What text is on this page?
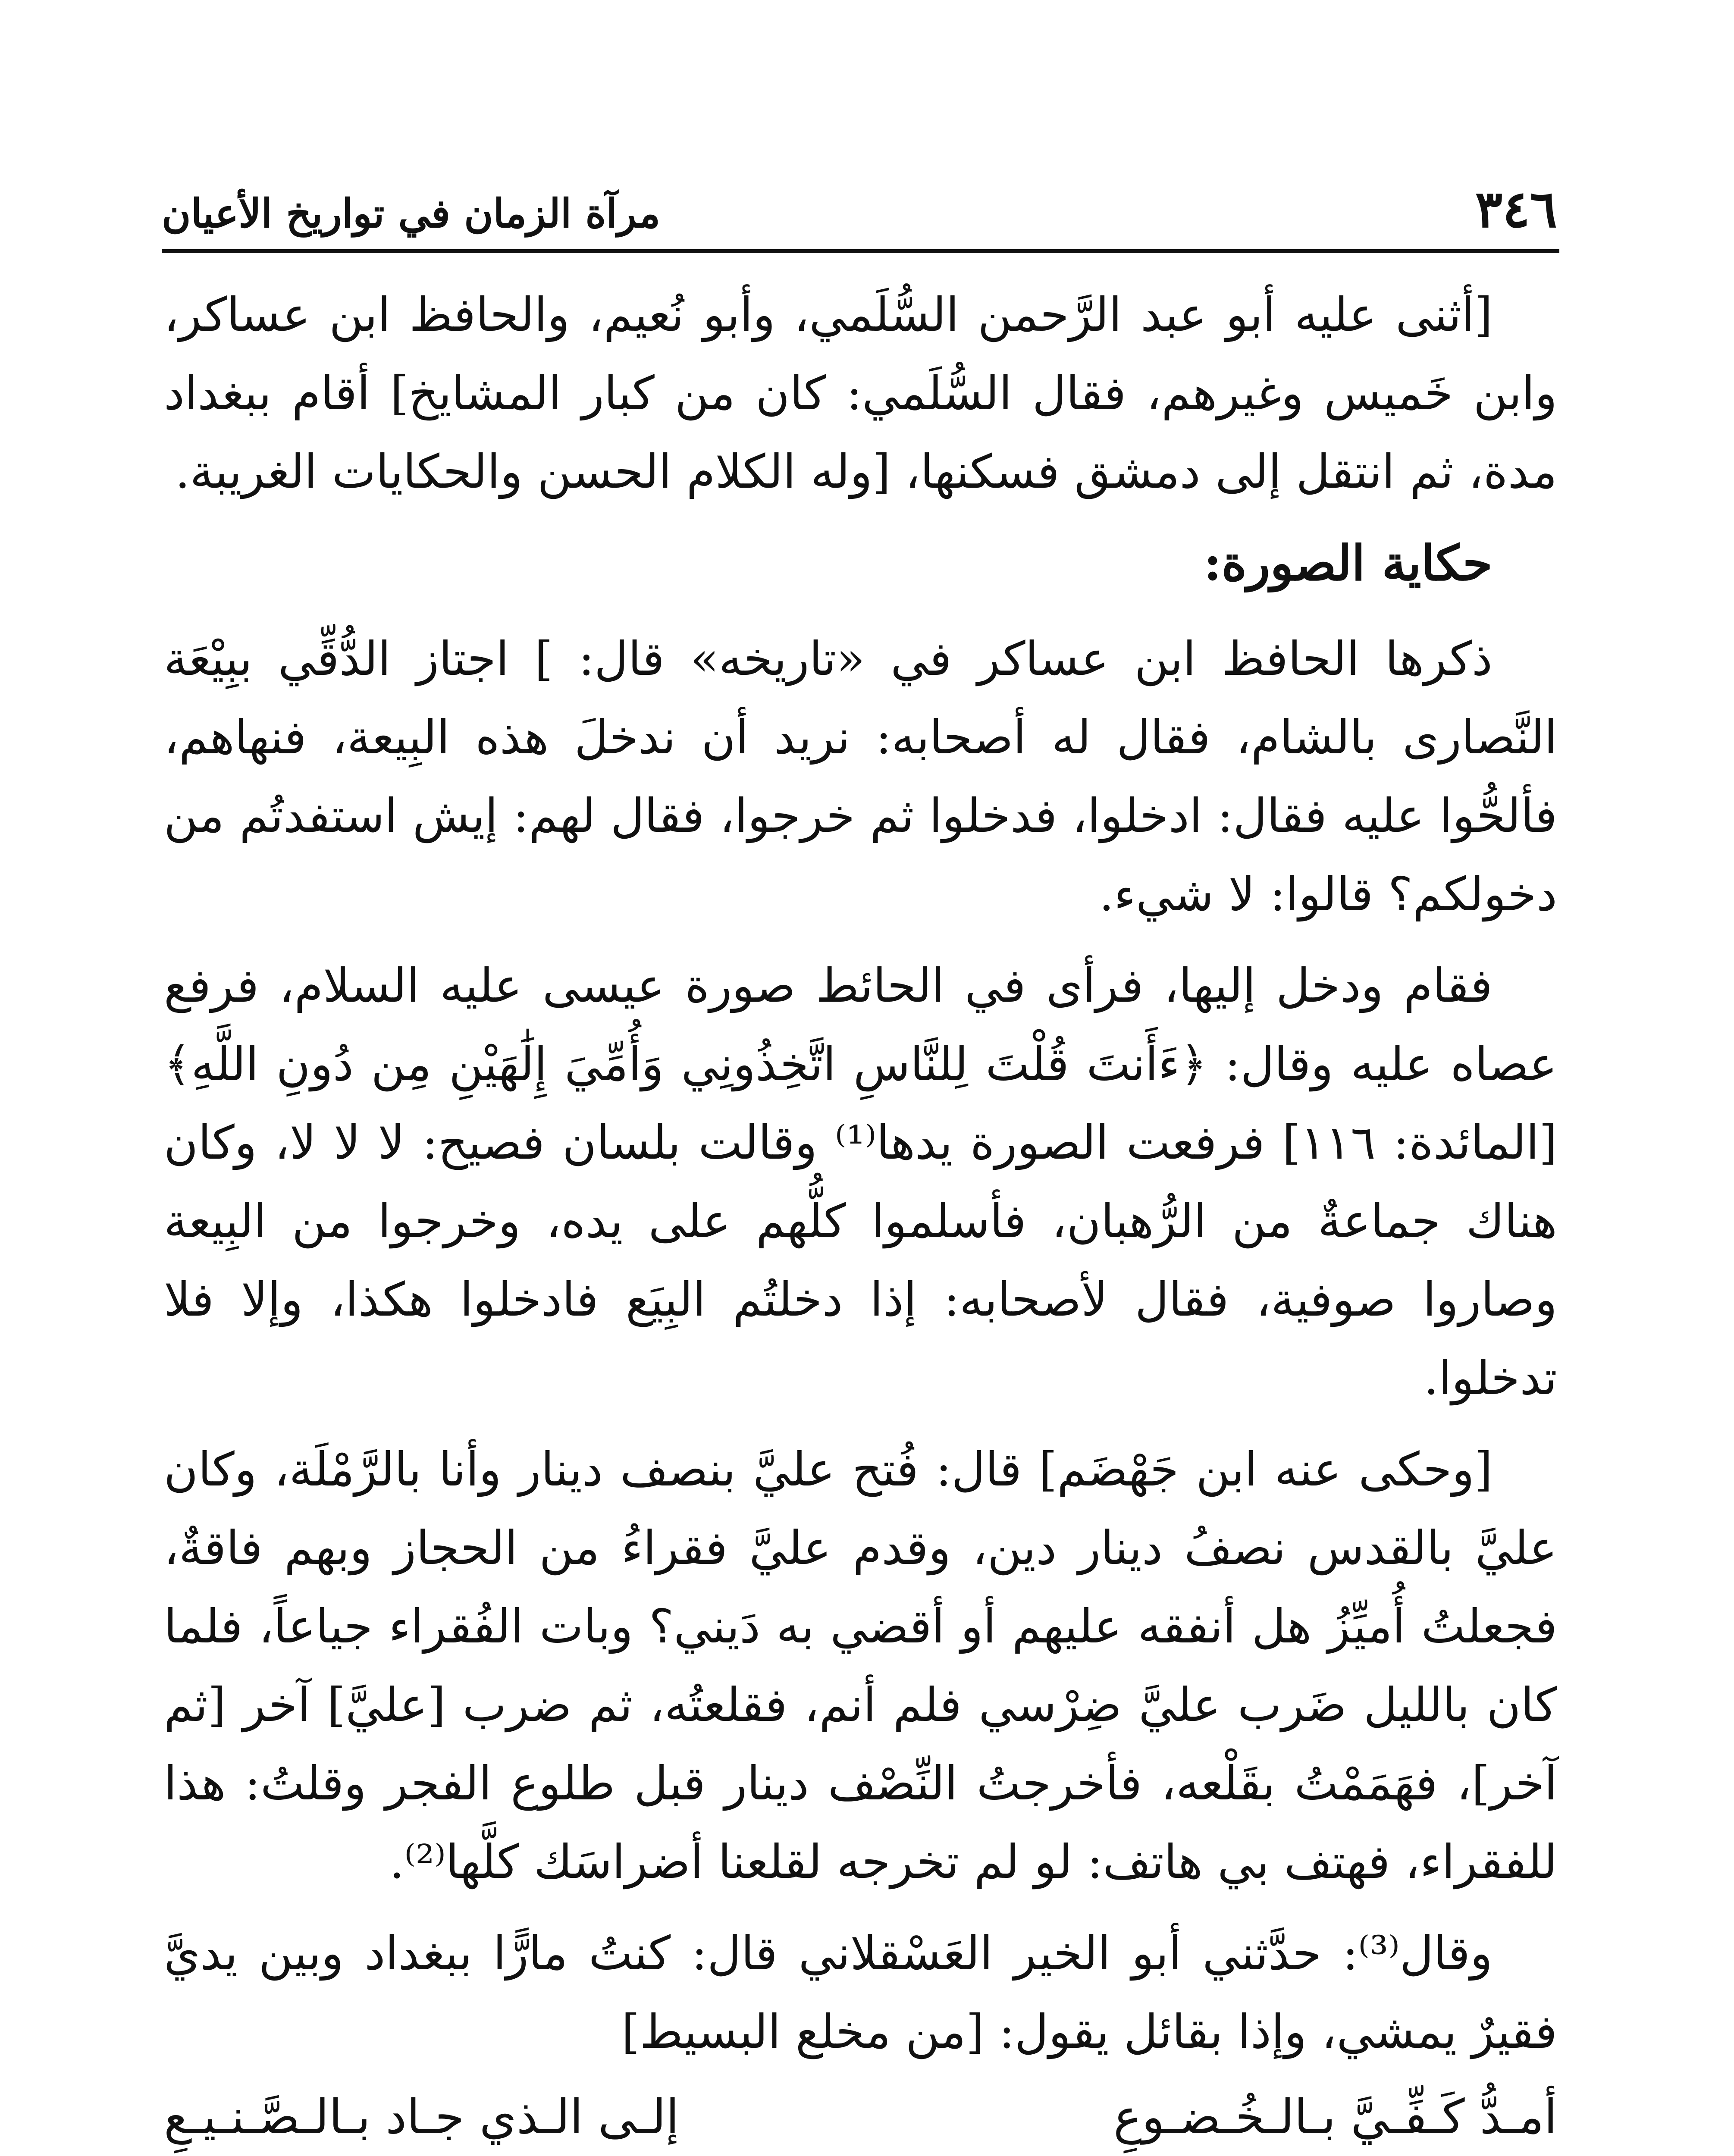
٣٤٦
مرآة الزمان في تواريخ الأعيان

[أثنى عليه أبو عبد الرَّحمن السُّلَمي، وأبو نُعيم، والحافظ ابن عساكر، وابن خَميس وغيرهم، فقال السُّلَمي: كان من كبار المشايخ] أقام ببغداد مدة، ثم انتقل إلى دمشق فسكنها، [وله الكلام الحسن والحكايات الغريبة.

حكاية الصورة:

ذكرها الحافظ ابن عساكر في «تاريخه» قال: ] اجتاز الدُّقِّي ببِيْعَة النَّصارى بالشام، فقال له أصحابه: نريد أن ندخلَ هذه البِيعة، فنهاهم، فألحُّوا عليه فقال: ادخلوا، فدخلوا ثم خرجوا، فقال لهم: إيش استفدتُم من دخولكم؟ قالوا: لا شيء.

فقام ودخل إليها، فرأى في الحائط صورة عيسى عليه السلام، فرفع عصاه عليه وقال: ﴿ءَأَنتَ قُلْتَ لِلنَّاسِ اتَّخِذُونِي وَأُمِّيَ إِلَٰهَيْنِ مِن دُونِ اللَّهِ﴾ [المائدة: ١١٦] فرفعت الصورة يدها⁽¹⁾ وقالت بلسان فصيح: لا لا لا، وكان هناك جماعةٌ من الرُّهبان، فأسلموا كلُّهم على يده، وخرجوا من البِيعة وصاروا صوفية، فقال لأصحابه: إذا دخلتُم البِيَع فادخلوا هكذا، وإلا فلا تدخلوا.

[وحكى عنه ابن جَهْضَم] قال: فُتح عليَّ بنصف دينار وأنا بالرَّمْلَة، وكان عليَّ بالقدس نصفُ دينار دين، وقدم عليَّ فقراءُ من الحجاز وبهم فاقةٌ، فجعلتُ أُميِّزُ هل أنفقه عليهم أو أقضي به دَيني؟ وبات الفُقراء جياعاً، فلما كان بالليل ضَرب عليَّ ضِرْسي فلم أنم، فقلعتُه، ثم ضرب [عليَّ] آخر [ثم آخر]، فهَمَمْتُ بقَلْعه، فأخرجتُ النِّصْف دينار قبل طلوع الفجر وقلتُ: هذا للفقراء، فهتف بي هاتف: لو لم تخرجه لقلعنا أضراسَك كلَّها⁽²⁾.

وقال⁽³⁾: حدَّثني أبو الخير العَسْقلاني قال: كنتُ مارًّا ببغداد وبين يديَّ فقيرٌ يمشي، وإذا بقائل يقول: [من مخلع البسيط]

أمـدُّ كَـفِّـيَّ بـالـخُـضـوعِ
إلـى الـذي جـاد بـالـصَّـنـيـعِ
